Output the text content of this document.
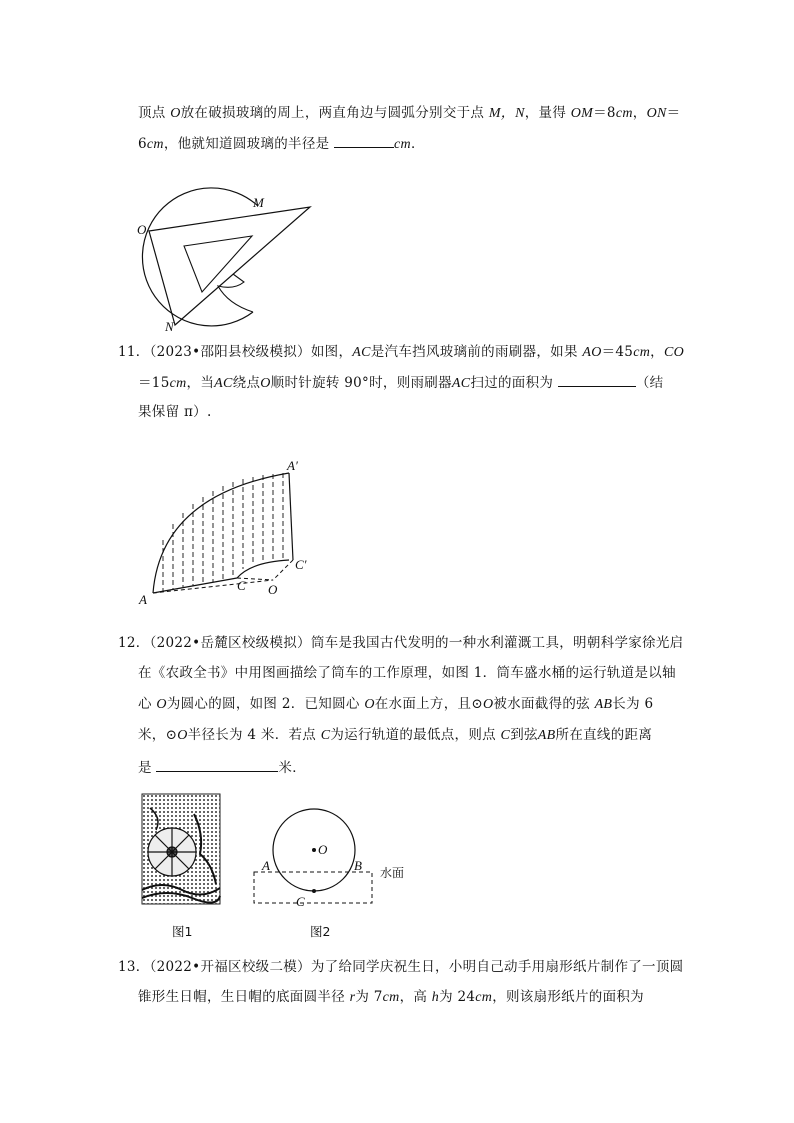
顶点 O放在破损玻璃的周上，两直角边与圆弧分别交于点 M，N，量得 OM＝8cm，ON＝
6cm，他就知道圆玻璃的半径是	cm．
O
M
N
11．（2023•邵阳县校级模拟）如图，AC是汽车挡风玻璃前的雨刷器，如果 AO＝45cm，CO
＝15cm，当AC绕点O顺时针旋转 90°时，则雨刷器AC扫过的面积为	（结
果保留 π）.
A
C O
A′
C′
12．（2022•岳麓区校级模拟）筒车是我国古代发明的一种水利灌溉工具，明朝科学家徐光启
在《农政全书》中用图画描绘了筒车的工作原理，如图 1．筒车盛水桶的运行轨道是以轴
心 O为圆心的圆，如图 2．已知圆心 O在水面上方，且⊙O被水面截得的弦 AB长为 6
米，⊙O半径长为 4 米．若点 C为运行轨道的最低点，则点 C到弦AB所在直线的距离
是	米．
O
A	B
C
水面
图1	图2
13．（2022•开福区校级二模）为了给同学庆祝生日，小明自己动手用扇形纸片制作了一顶圆
锥形生日帽，生日帽的底面圆半径 r为 7cm，高 h为 24cm，则该扇形纸片的面积为
